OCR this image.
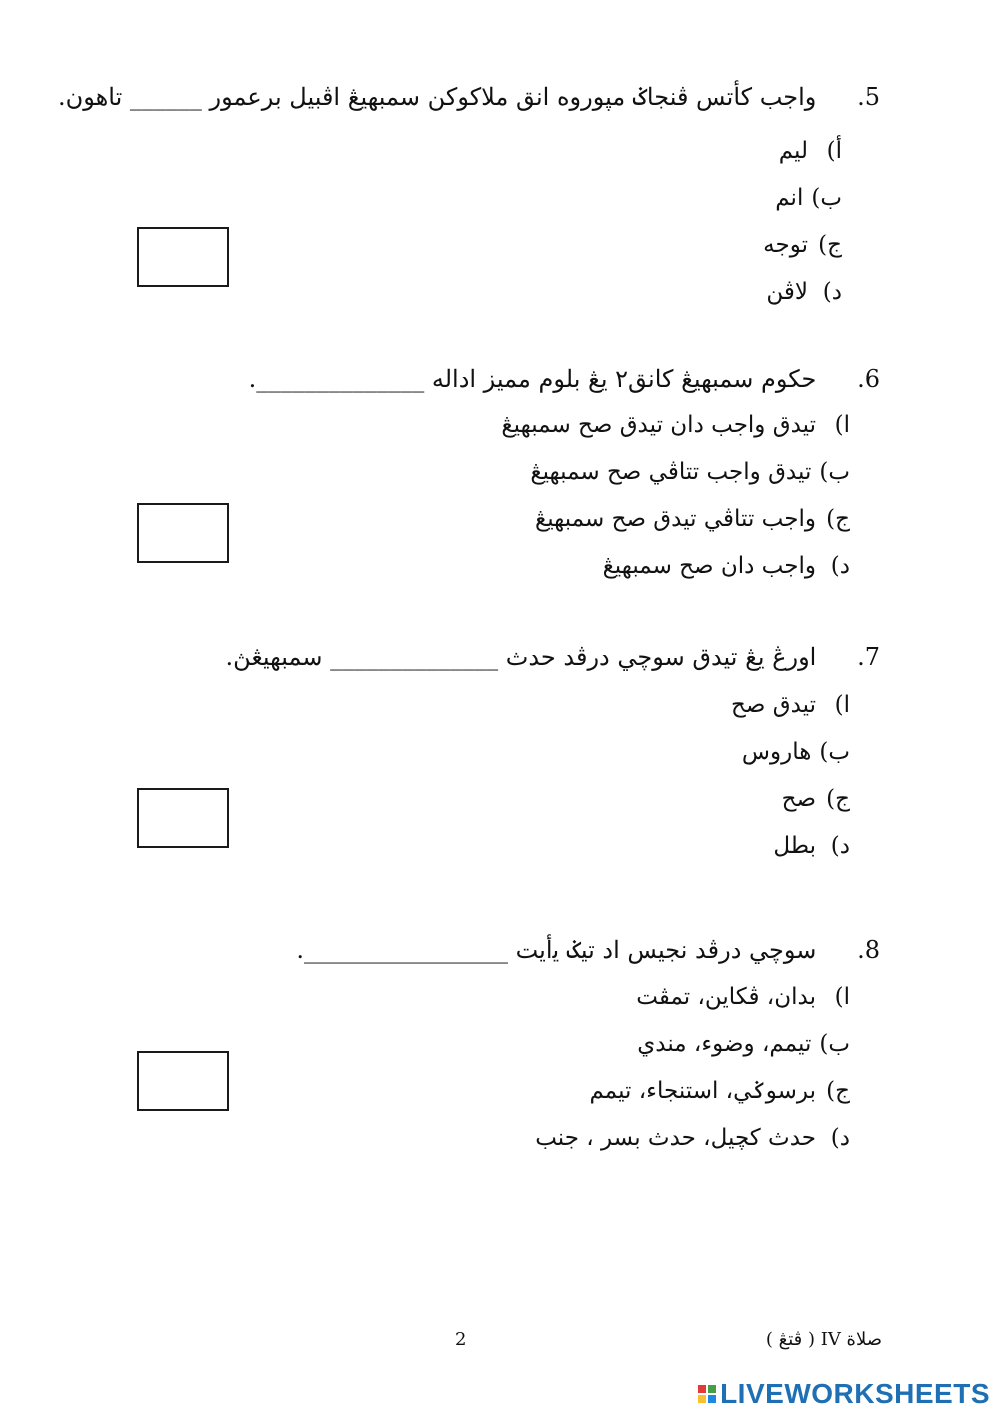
.5 واجب كأتس ڤنجاݢ مپوروه انق ملاكوكن سمبهيڠ اڤبيل برعمور ______ تاهون.
أ)ليم
ب)انم
ج)توجه
د)لاڤن
.6 حكوم سمبهيڠ كانق٢ يڠ بلوم مميز اداله ______________.
ا)تيدق واجب دان تيدق صح سمبهيڠ
ب)تيدق واجب تتاڤي صح سمبهيڠ
ج)واجب تتاڤي تيدق صح سمبهيڠ
د)واجب دان صح سمبهيڠ
.7 اورڠ يڠ تيدق سوچي درڤد حدث ______________ سمبهيڠڽ.
ا)تيدق صح
ب)هاروس
ج)صح
د)بطل
.8 سوچي درڤد نجيس اد تيݢ ﯾأيت _________________.
ا)بدان، ڤكاين، تمڤت
ب)تيمم، وضوء، مندي
ج)برسوݢي، استنجاء، تيمم
د)حدث كچيل، حدث بسر ، جنب
2	صلاة IV ( ڤتڠ )
LIVEWORKSHEETS
